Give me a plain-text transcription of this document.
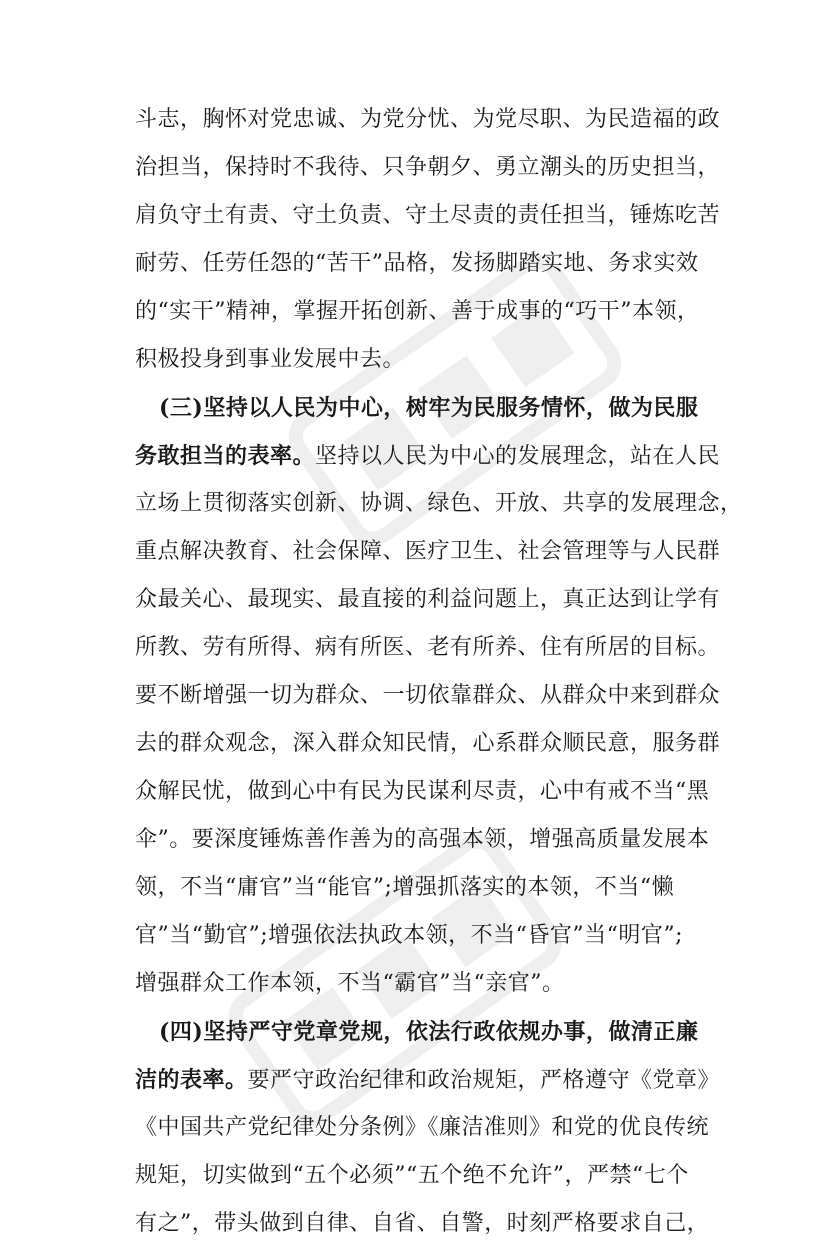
斗志，胸怀对党忠诚、为党分忧、为党尽职、为民造福的政
治担当，保持时不我待、只争朝夕、勇立潮头的历史担当，
肩负守土有责、守土负责、守土尽责的责任担当，锤炼吃苦
耐劳、任劳任怨的“苦干”品格，发扬脚踏实地、务求实效
的“实干”精神，掌握开拓创新、善于成事的“巧干”本领，
积极投身到事业发展中去。
(三)坚持以人民为中心，树牢为民服务情怀，做为民服
务敢担当的表率。坚持以人民为中心的发展理念，站在人民
立场上贯彻落实创新、协调、绿色、开放、共享的发展理念，
重点解决教育、社会保障、医疗卫生、社会管理等与人民群
众最关心、最现实、最直接的利益问题上，真正达到让学有
所教、劳有所得、病有所医、老有所养、住有所居的目标。
要不断增强一切为群众、一切依靠群众、从群众中来到群众
去的群众观念，深入群众知民情，心系群众顺民意，服务群
众解民忧，做到心中有民为民谋利尽责，心中有戒不当“黑
伞”。要深度锤炼善作善为的高强本领，增强高质量发展本
领，不当“庸官”当“能官”;增强抓落实的本领，不当“懒
官”当“勤官”;增强依法执政本领，不当“昏官”当“明官”;
增强群众工作本领，不当“霸官”当“亲官”。
(四)坚持严守党章党规，依法行政依规办事，做清正廉
洁的表率。要严守政治纪律和政治规矩，严格遵守《党章》
《中国共产党纪律处分条例》《廉洁准则》和党的优良传统
规矩，切实做到“五个必须”“五个绝不允许”，严禁“七个
有之”，带头做到自律、自省、自警，时刻严格要求自己，
